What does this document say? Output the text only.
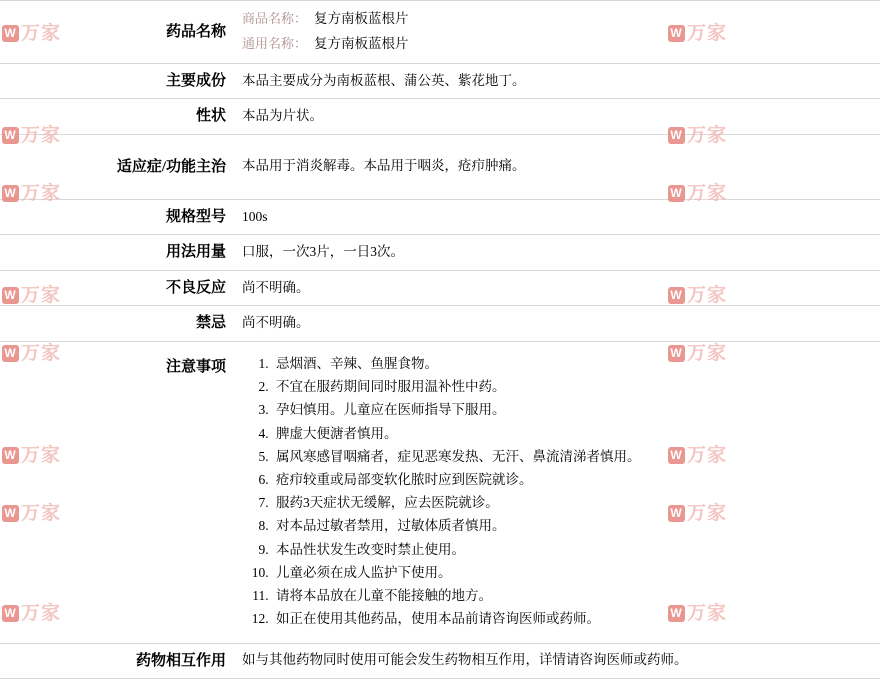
药品名称	商品名称： 复方南板蓝根片
通用名称： 复方南板蓝根片

主要成份	本品主要成分为南板蓝根、蒲公英、紫花地丁。
性状	本品为片状。
适应症/功能主治	本品用于消炎解毒。本品用于咽炎，疮疖肿痛。
规格型号	100s
用法用量	口服，一次3片，一日3次。
不良反应	尚不明确。
禁忌	尚不明确。
注意事项	
1.忌烟酒、辛辣、鱼腥食物。
2. 不宜在服药期间同时服用温补性中药。
3. 孕妇慎用。儿童应在医师指导下服用。
4. 脾虚大便溏者慎用。
5. 属风寒感冒咽痛者，症见恶寒发热、无汗、鼻流清涕者慎用。
6. 疮疖较重或局部变软化脓时应到医院就诊。
7. 服药3天症状无缓解，应去医院就诊。
8. 对本品过敏者禁用，过敏体质者慎用。
9. 本品性状发生改变时禁止使用。
10. 儿童必须在成人监护下使用。
11. 请将本品放在儿童不能接触的地方。
12. 如正在使用其他药品，使用本品前请咨询医师或药师。

药物相互作用	如与其他药物同时使用可能会发生药物相互作用，详情请咨询医师或药师。
W 万家	W 万家
W 万家	W 万家
W 万家	W 万家
W 万家	W 万家
W 万家	W 万家
W 万家	W 万家
W 万家	W 万家
W 万家	W 万家
